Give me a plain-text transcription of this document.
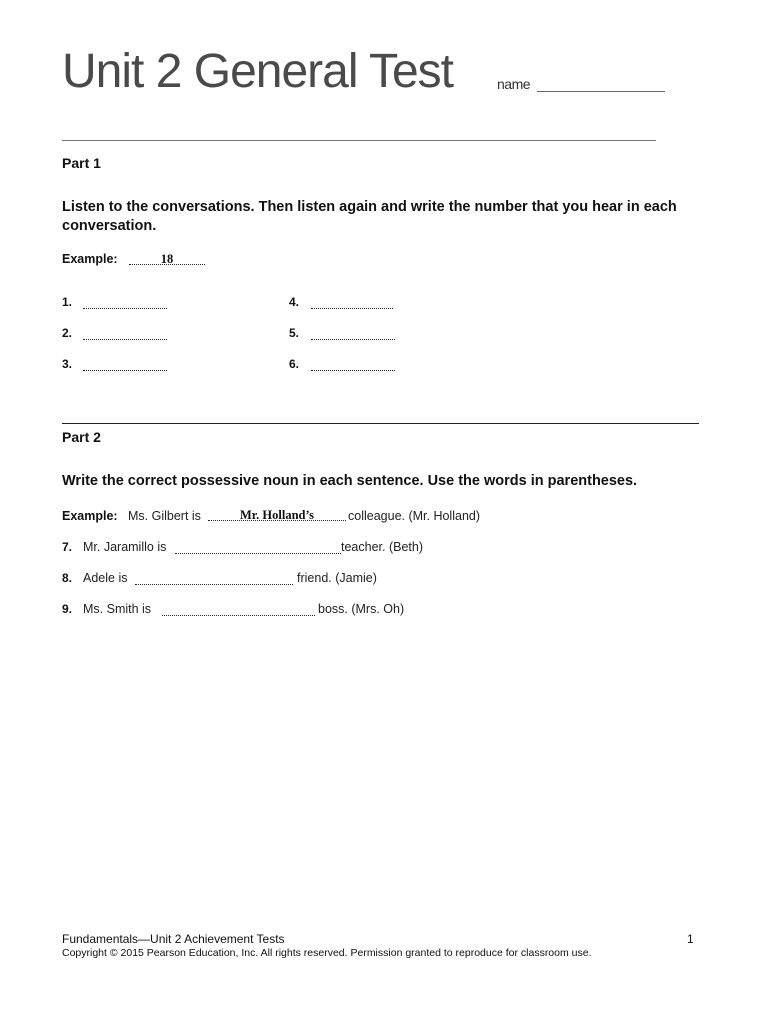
Unit 2 General Test	name
Part 1
Listen to the conversations. Then listen again and write the number that you hear in each conversation.
Example:	18
1.
2.
3.
4.
5.
6.
Part 2
Write the correct possessive noun in each sentence. Use the words in parentheses.
Example: Ms. Gilbert is	Mr. Holland’s	colleague. (Mr. Holland)
7. Mr. Jaramillo is	teacher. (Beth)
8. Adele is	friend. (Jamie)
9. Ms. Smith is	boss. (Mrs. Oh)
Fundamentals—Unit 2 Achievement Tests
Copyright © 2015 Pearson Education, Inc. All rights reserved. Permission granted to reproduce for classroom use.
1
